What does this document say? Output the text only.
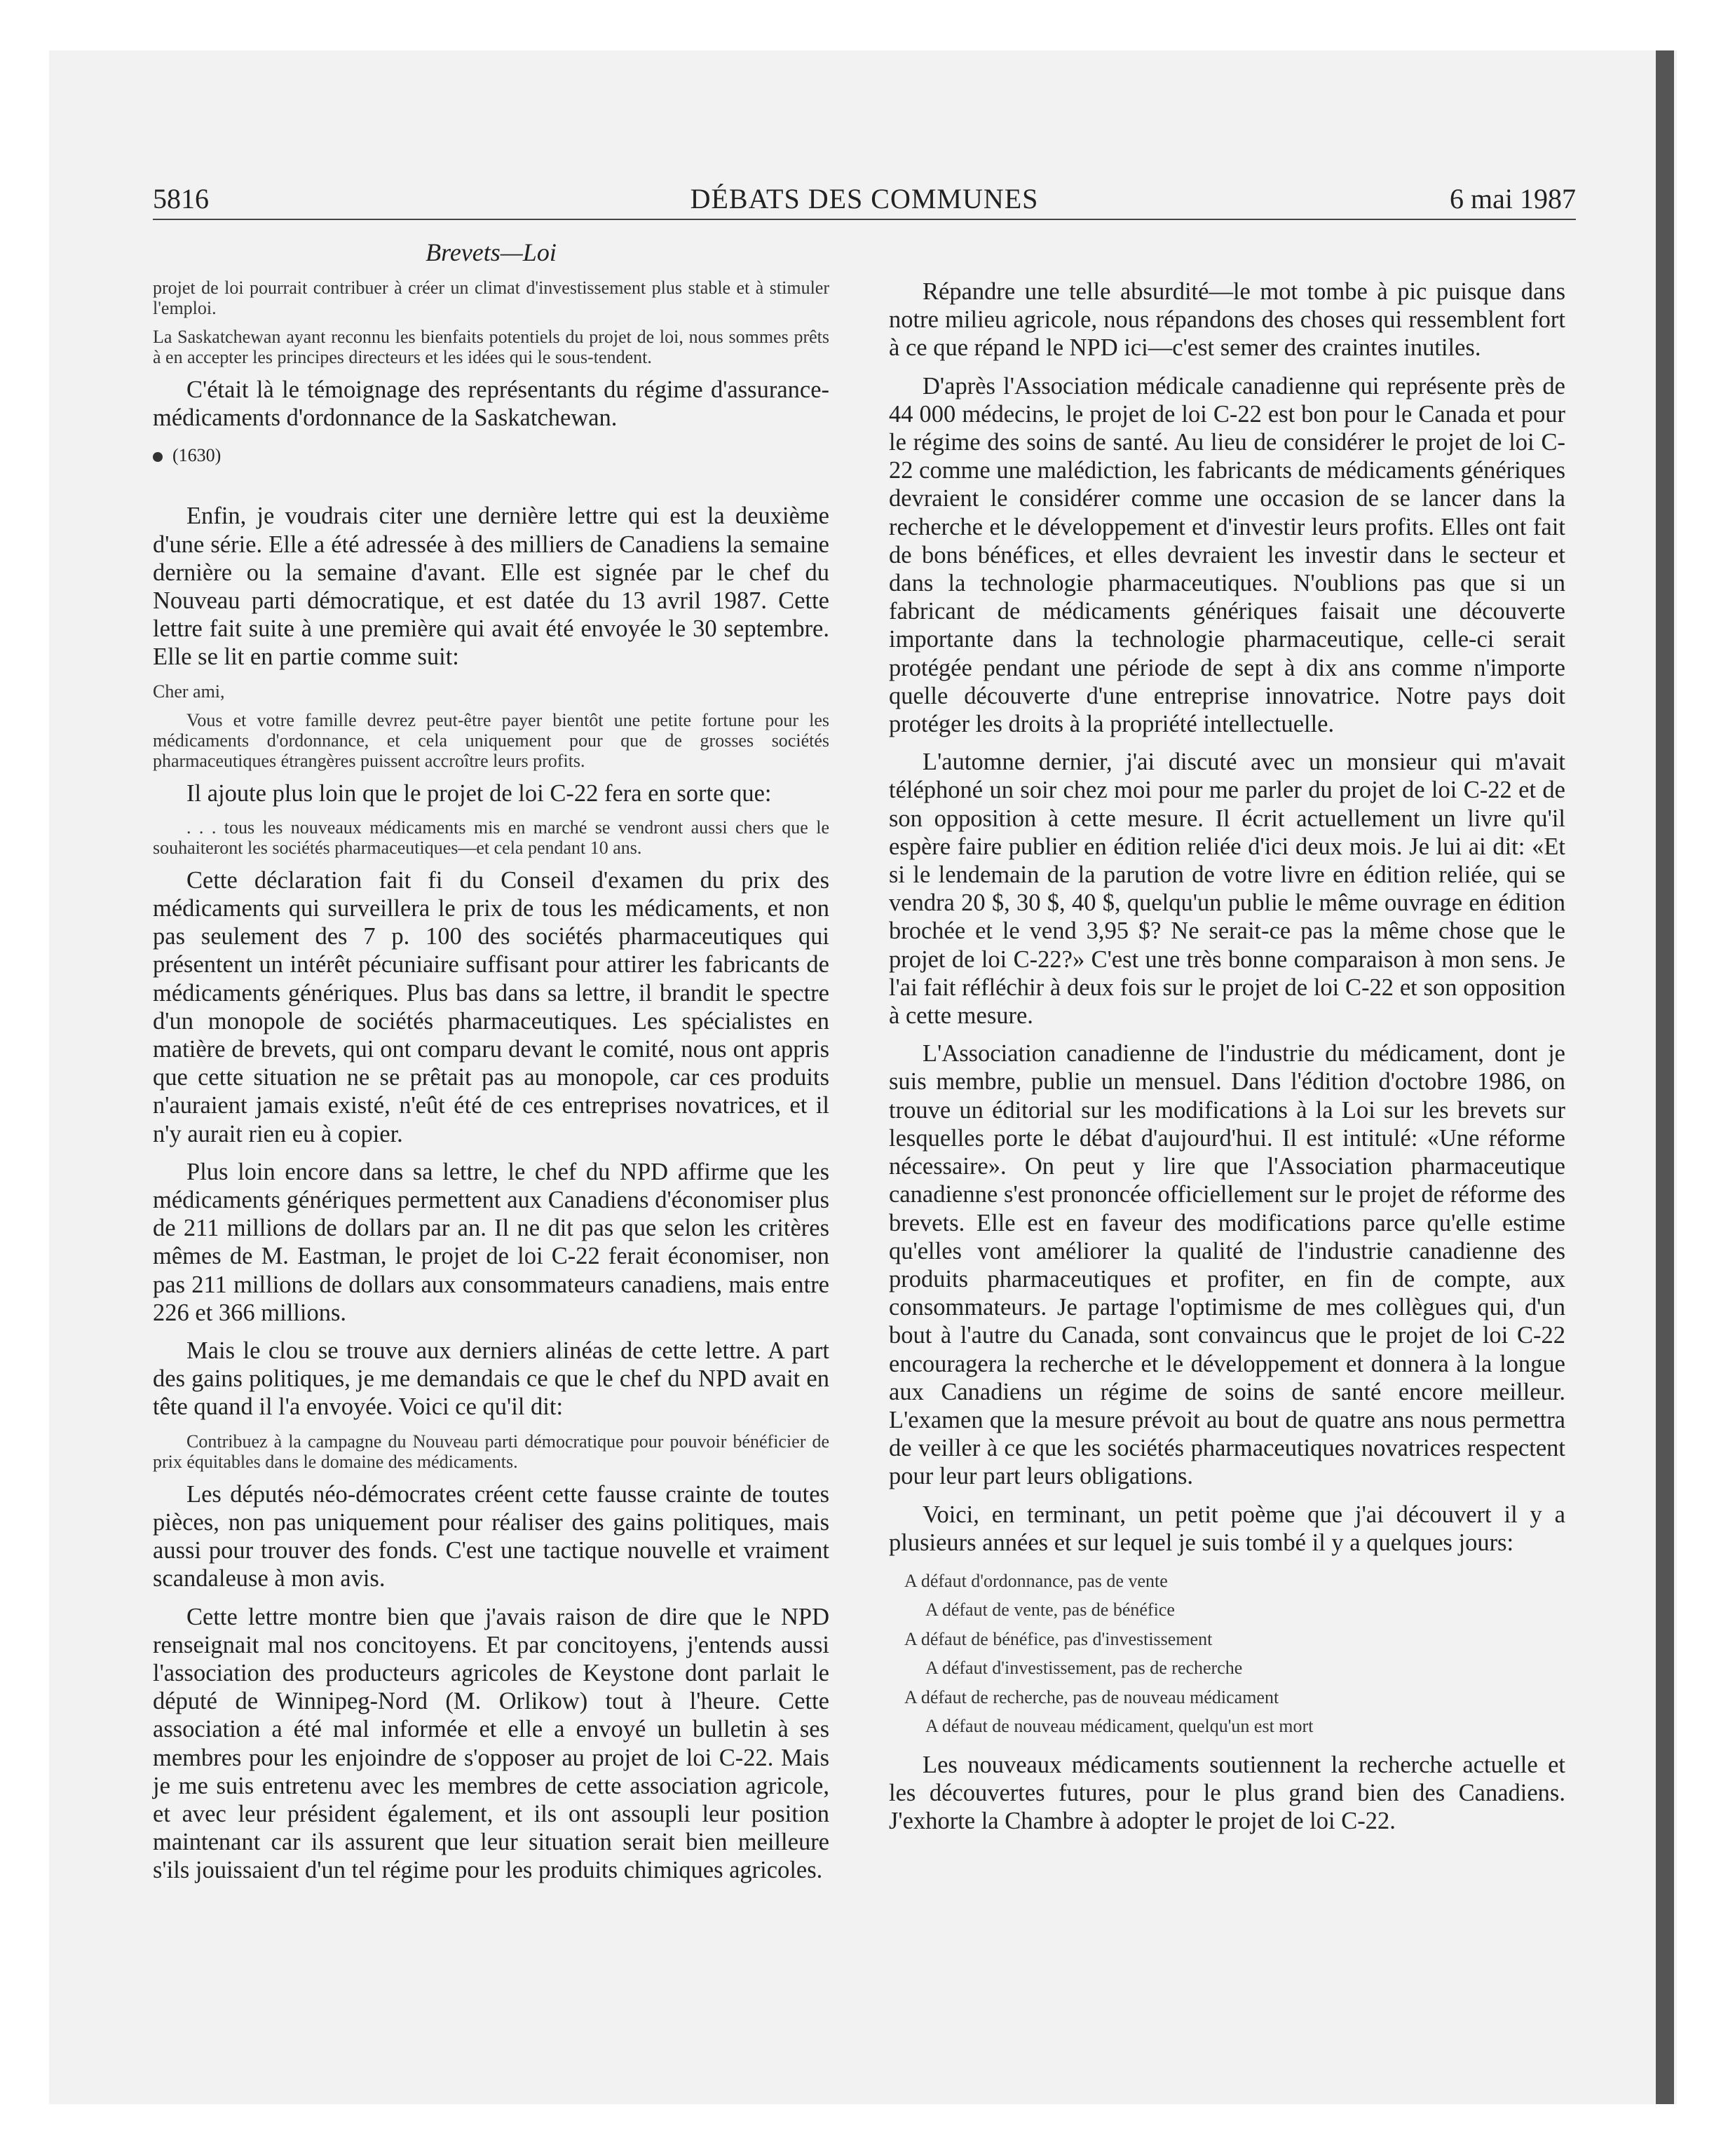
5816	DÉBATS DES COMMUNES	6 mai 1987
Brevets—Loi

projet de loi pourrait contribuer à créer un climat d'investissement plus stable et à stimuler l'emploi.

La Saskatchewan ayant reconnu les bienfaits potentiels du projet de loi, nous sommes prêts à en accepter les principes directeurs et les idées qui le sous-tendent.

C'était là le témoignage des représentants du régime d'assurance-médicaments d'ordonnance de la Saskatchewan.

(1630)

Enfin, je voudrais citer une dernière lettre qui est la deuxième d'une série. Elle a été adressée à des milliers de Canadiens la semaine dernière ou la semaine d'avant. Elle est signée par le chef du Nouveau parti démocratique, et est datée du 13 avril 1987. Cette lettre fait suite à une première qui avait été envoyée le 30 septembre. Elle se lit en partie comme suit:

Cher ami,

Vous et votre famille devrez peut-être payer bientôt une petite fortune pour les médicaments d'ordonnance, et cela uniquement pour que de grosses sociétés pharmaceutiques étrangères puissent accroître leurs profits.

Il ajoute plus loin que le projet de loi C-22 fera en sorte que:

. . . tous les nouveaux médicaments mis en marché se vendront aussi chers que le souhaiteront les sociétés pharmaceutiques—et cela pendant 10 ans.

Cette déclaration fait fi du Conseil d'examen du prix des médicaments qui surveillera le prix de tous les médicaments, et non pas seulement des 7 p. 100 des sociétés pharmaceutiques qui présentent un intérêt pécuniaire suffisant pour attirer les fabricants de médicaments génériques. Plus bas dans sa lettre, il brandit le spectre d'un monopole de sociétés pharmaceutiques. Les spécialistes en matière de brevets, qui ont comparu devant le comité, nous ont appris que cette situation ne se prêtait pas au monopole, car ces produits n'auraient jamais existé, n'eût été de ces entreprises novatrices, et il n'y aurait rien eu à copier.

Plus loin encore dans sa lettre, le chef du NPD affirme que les médicaments génériques permettent aux Canadiens d'économiser plus de 211 millions de dollars par an. Il ne dit pas que selon les critères mêmes de M. Eastman, le projet de loi C-22 ferait économiser, non pas 211 millions de dollars aux consommateurs canadiens, mais entre 226 et 366 millions.

Mais le clou se trouve aux derniers alinéas de cette lettre. A part des gains politiques, je me demandais ce que le chef du NPD avait en tête quand il l'a envoyée. Voici ce qu'il dit:

Contribuez à la campagne du Nouveau parti démocratique pour pouvoir bénéficier de prix équitables dans le domaine des médicaments.

Les députés néo-démocrates créent cette fausse crainte de toutes pièces, non pas uniquement pour réaliser des gains politiques, mais aussi pour trouver des fonds. C'est une tactique nouvelle et vraiment scandaleuse à mon avis.

Cette lettre montre bien que j'avais raison de dire que le NPD renseignait mal nos concitoyens. Et par concitoyens, j'entends aussi l'association des producteurs agricoles de Keystone dont parlait le député de Winnipeg-Nord (M. Orlikow) tout à l'heure. Cette association a été mal informée et elle a envoyé un bulletin à ses membres pour les enjoindre de s'opposer au projet de loi C-22. Mais je me suis entretenu avec les membres de cette association agricole, et avec leur président également, et ils ont assoupli leur position maintenant car ils assurent que leur situation serait bien meilleure s'ils jouissaient d'un tel régime pour les produits chimiques agricoles.

Répandre une telle absurdité—le mot tombe à pic puisque dans notre milieu agricole, nous répandons des choses qui ressemblent fort à ce que répand le NPD ici—c'est semer des craintes inutiles.

D'après l'Association médicale canadienne qui représente près de 44 000 médecins, le projet de loi C-22 est bon pour le Canada et pour le régime des soins de santé. Au lieu de considérer le projet de loi C-22 comme une malédiction, les fabricants de médicaments génériques devraient le considérer comme une occasion de se lancer dans la recherche et le développement et d'investir leurs profits. Elles ont fait de bons bénéfices, et elles devraient les investir dans le secteur et dans la technologie pharmaceutiques. N'oublions pas que si un fabricant de médicaments génériques faisait une découverte importante dans la technologie pharmaceutique, celle-ci serait protégée pendant une période de sept à dix ans comme n'importe quelle découverte d'une entreprise innovatrice. Notre pays doit protéger les droits à la propriété intellectuelle.

L'automne dernier, j'ai discuté avec un monsieur qui m'avait téléphoné un soir chez moi pour me parler du projet de loi C-22 et de son opposition à cette mesure. Il écrit actuellement un livre qu'il espère faire publier en édition reliée d'ici deux mois. Je lui ai dit: «Et si le lendemain de la parution de votre livre en édition reliée, qui se vendra 20 $, 30 $, 40 $, quelqu'un publie le même ouvrage en édition brochée et le vend 3,95 $? Ne serait-ce pas la même chose que le projet de loi C-22?» C'est une très bonne comparaison à mon sens. Je l'ai fait réfléchir à deux fois sur le projet de loi C-22 et son opposition à cette mesure.

L'Association canadienne de l'industrie du médicament, dont je suis membre, publie un mensuel. Dans l'édition d'octobre 1986, on trouve un éditorial sur les modifications à la Loi sur les brevets sur lesquelles porte le débat d'aujourd'hui. Il est intitulé: «Une réforme nécessaire». On peut y lire que l'Association pharmaceutique canadienne s'est prononcée officiellement sur le projet de réforme des brevets. Elle est en faveur des modifications parce qu'elle estime qu'elles vont améliorer la qualité de l'industrie canadienne des produits pharmaceutiques et profiter, en fin de compte, aux consommateurs. Je partage l'optimisme de mes collègues qui, d'un bout à l'autre du Canada, sont convaincus que le projet de loi C-22 encouragera la recherche et le développement et donnera à la longue aux Canadiens un régime de soins de santé encore meilleur. L'examen que la mesure prévoit au bout de quatre ans nous permettra de veiller à ce que les sociétés pharmaceutiques novatrices respectent pour leur part leurs obligations.

Voici, en terminant, un petit poème que j'ai découvert il y a plusieurs années et sur lequel je suis tombé il y a quelques jours:

A défaut d'ordonnance, pas de vente

A défaut de vente, pas de bénéfice

A défaut de bénéfice, pas d'investissement

A défaut d'investissement, pas de recherche

A défaut de recherche, pas de nouveau médicament

A défaut de nouveau médicament, quelqu'un est mort

Les nouveaux médicaments soutiennent la recherche actuelle et les découvertes futures, pour le plus grand bien des Canadiens. J'exhorte la Chambre à adopter le projet de loi C-22.
